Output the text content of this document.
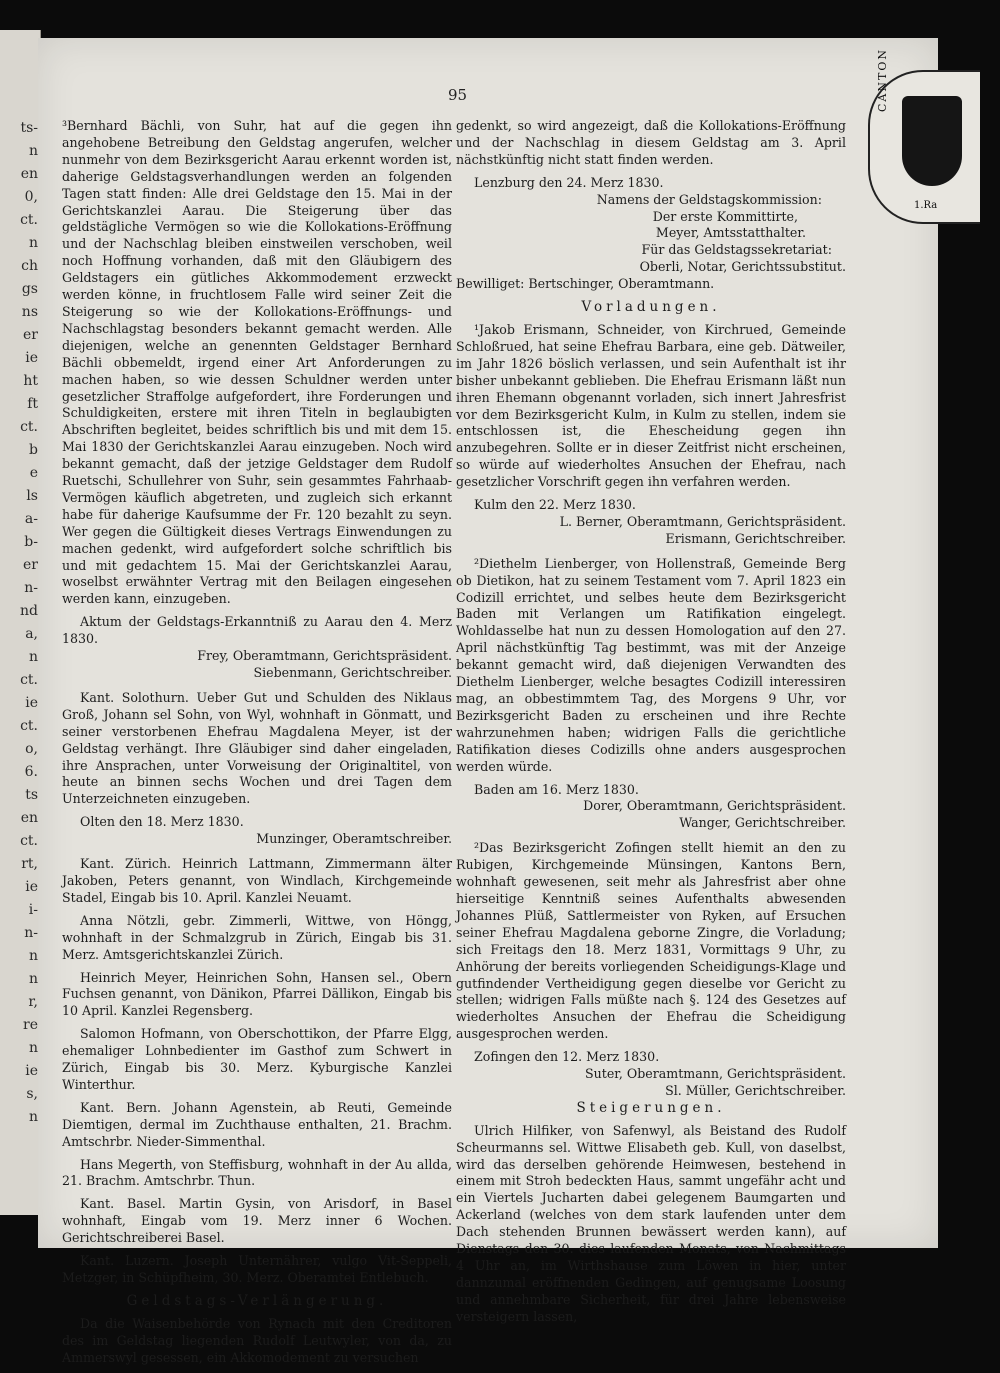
ts-
n
en
0,
ct.
n
ch
gs
ns
er
ie
ht
ft
ct.
b
e
ls
a-
b-
er
n-
nd
a,
n
ct.
ie
ct.
o,
6.
ts
en
ct.
rt,
ie
i-
n-
n
n
r,
re
n
ie
s,
n
95

³Bernhard Bächli, von Suhr, hat auf die gegen ihn angehobene Betreibung den Geldstag angerufen, welcher nunmehr von dem Bezirksgericht Aarau erkennt worden ist, daherige Geldstagsverhandlungen werden an folgenden Tagen statt finden: Alle drei Geldstage den 15. Mai in der Gerichtskanzlei Aarau. Die Steigerung über das geldstägliche Vermögen so wie die Kollokations-Eröffnung und der Nachschlag bleiben einstweilen verschoben, weil noch Hoffnung vorhanden, daß mit den Gläubigern des Geldstagers ein gütliches Akkommodement erzweckt werden könne, in fruchtlosem Falle wird seiner Zeit die Steigerung so wie der Kollokations-Eröffnungs- und Nachschlagstag besonders bekannt gemacht werden. Alle diejenigen, welche an genennten Geldstager Bernhard Bächli obbemeldt, irgend einer Art Anforderungen zu machen haben, so wie dessen Schuldner werden unter gesetzlicher Straffolge aufgefordert, ihre Forderungen und Schuldigkeiten, erstere mit ihren Titeln in beglaubigten Abschriften begleitet, beides schriftlich bis und mit dem 15. Mai 1830 der Gerichtskanzlei Aarau einzugeben. Noch wird bekannt gemacht, daß der jetzige Geldstager dem Rudolf Ruetschi, Schullehrer von Suhr, sein gesammtes Fahrhaab-Vermögen käuflich abgetreten, und zugleich sich erkannt habe für daherige Kaufsumme der Fr. 120 bezahlt zu seyn. Wer gegen die Gültigkeit dieses Vertrags Einwendungen zu machen gedenkt, wird aufgefordert solche schriftlich bis und mit gedachtem 15. Mai der Gerichtskanzlei Aarau, woselbst erwähnter Vertrag mit den Beilagen eingesehen werden kann, einzugeben.

Aktum der Geldstags-Erkanntniß zu Aarau den 4. Merz 1830.

Frey, Oberamtmann, Gerichtspräsident.

Siebenmann, Gerichtschreiber.

Kant. Solothurn. Ueber Gut und Schulden des Niklaus Groß, Johann sel Sohn, von Wyl, wohnhaft in Gönmatt, und seiner verstorbenen Ehefrau Magdalena Meyer, ist der Geldstag verhängt. Ihre Gläubiger sind daher eingeladen, ihre Ansprachen, unter Vorweisung der Originaltitel, von heute an binnen sechs Wochen und drei Tagen dem Unterzeichneten einzugeben.

Olten den 18. Merz 1830.

Munzinger, Oberamtschreiber.

Kant. Zürich. Heinrich Lattmann, Zimmermann älter Jakoben, Peters genannt, von Windlach, Kirchgemeinde Stadel, Eingab bis 10. April. Kanzlei Neuamt.

Anna Nötzli, gebr. Zimmerli, Wittwe, von Höngg, wohnhaft in der Schmalzgrub in Zürich, Eingab bis 31. Merz. Amtsgerichtskanzlei Zürich.

Heinrich Meyer, Heinrichen Sohn, Hansen sel., Obern Fuchsen genannt, von Dänikon, Pfarrei Dällikon, Eingab bis 10 April. Kanzlei Regensberg.

Salomon Hofmann, von Oberschottikon, der Pfarre Elgg, ehemaliger Lohnbedienter im Gasthof zum Schwert in Zürich, Eingab bis 30. Merz. Kyburgische Kanzlei Winterthur.

Kant. Bern. Johann Agenstein, ab Reuti, Gemeinde Diemtigen, dermal im Zuchthause enthalten, 21. Brachm. Amtschrbr. Nieder-Simmenthal.

Hans Megerth, von Steffisburg, wohnhaft in der Au allda, 21. Brachm. Amtschrbr. Thun.

Kant. Basel. Martin Gysin, von Arisdorf, in Basel wohnhaft, Eingab vom 19. Merz inner 6 Wochen. Gerichtschreiberei Basel.

Kant. Luzern. Joseph Unternährer, vulgo Vit-Seppeli, Metzger, in Schüpfheim, 30. Merz. Oberamtei Entlebuch.

Geldstags-Verlängerung.

Da die Waisenbehörde von Rynach mit den Creditoren des im Geldstag liegenden Rudolf Leutwyler, von da, zu Ammerswyl gesessen, ein Akkomodement zu versuchen

gedenkt, so wird angezeigt, daß die Kollokations-Eröffnung und der Nachschlag in diesem Geldstag am 3. April nächstkünftig nicht statt finden werden.

Lenzburg den 24. Merz 1830.

Namens der Geldstagskommission:

Der erste Kommittirte,

Meyer, Amtsstatthalter.

Für das Geldstagssekretariat:

Oberli, Notar, Gerichtssubstitut.

Bewilliget: Bertschinger, Oberamtmann.

Vorladungen.

¹Jakob Erismann, Schneider, von Kirchrued, Gemeinde Schloßrued, hat seine Ehefrau Barbara, eine geb. Dätweiler, im Jahr 1826 böslich verlassen, und sein Aufenthalt ist ihr bisher unbekannt geblieben. Die Ehefrau Erismann läßt nun ihren Ehemann obgenannt vorladen, sich innert Jahresfrist vor dem Bezirksgericht Kulm, in Kulm zu stellen, indem sie entschlossen ist, die Ehescheidung gegen ihn anzubegehren. Sollte er in dieser Zeitfrist nicht erscheinen, so würde auf wiederholtes Ansuchen der Ehefrau, nach gesetzlicher Vorschrift gegen ihn verfahren werden.

Kulm den 22. Merz 1830.

L. Berner, Oberamtmann, Gerichtspräsident.

Erismann, Gerichtschreiber.

²Diethelm Lienberger, von Hollenstraß, Gemeinde Berg ob Dietikon, hat zu seinem Testament vom 7. April 1823 ein Codizill errichtet, und selbes heute dem Bezirksgericht Baden mit Verlangen um Ratifikation eingelegt. Wohldasselbe hat nun zu dessen Homologation auf den 27. April nächstkünftig Tag bestimmt, was mit der Anzeige bekannt gemacht wird, daß diejenigen Verwandten des Diethelm Lienberger, welche besagtes Codizill interessiren mag, an obbestimmtem Tag, des Morgens 9 Uhr, vor Bezirksgericht Baden zu erscheinen und ihre Rechte wahrzunehmen haben; widrigen Falls die gerichtliche Ratifikation dieses Codizills ohne anders ausgesprochen werden würde.

Baden am 16. Merz 1830.

Dorer, Oberamtmann, Gerichtspräsident.

Wanger, Gerichtschreiber.

²Das Bezirksgericht Zofingen stellt hiemit an den zu Rubigen, Kirchgemeinde Münsingen, Kantons Bern, wohnhaft gewesenen, seit mehr als Jahresfrist aber ohne hierseitige Kenntniß seines Aufenthalts abwesenden Johannes Plüß, Sattlermeister von Ryken, auf Ersuchen seiner Ehefrau Magdalena geborne Zingre, die Vorladung; sich Freitags den 18. Merz 1831, Vormittags 9 Uhr, zu Anhörung der bereits vorliegenden Scheidigungs-Klage und gutfindender Vertheidigung gegen dieselbe vor Gericht zu stellen; widrigen Falls müßte nach §. 124 des Gesetzes auf wiederholtes Ansuchen der Ehefrau die Scheidigung ausgesprochen werden.

Zofingen den 12. Merz 1830.

Suter, Oberamtmann, Gerichtspräsident.

Sl. Müller, Gerichtschreiber.

Steigerungen.

Ulrich Hilfiker, von Safenwyl, als Beistand des Rudolf Scheurmanns sel. Wittwe Elisabeth geb. Kull, von daselbst, wird das derselben gehörende Heimwesen, bestehend in einem mit Stroh bedeckten Haus, sammt ungefähr acht und ein Viertels Jucharten dabei gelegenem Baumgarten und Ackerland (welches von dem stark laufenden unter dem Dach stehenden Brunnen bewässert werden kann), auf Dienstags den 30. dies laufenden Monats, von Nachmittags 4 Uhr an, im Wirthshause zum Löwen in hier, unter dannzumal eröffnenden Gedingen, auf genugsame Loosung und annehmbare Sicherheit, für drei Jahre lebensweise versteigern lassen,

CANTON
1.Ra
